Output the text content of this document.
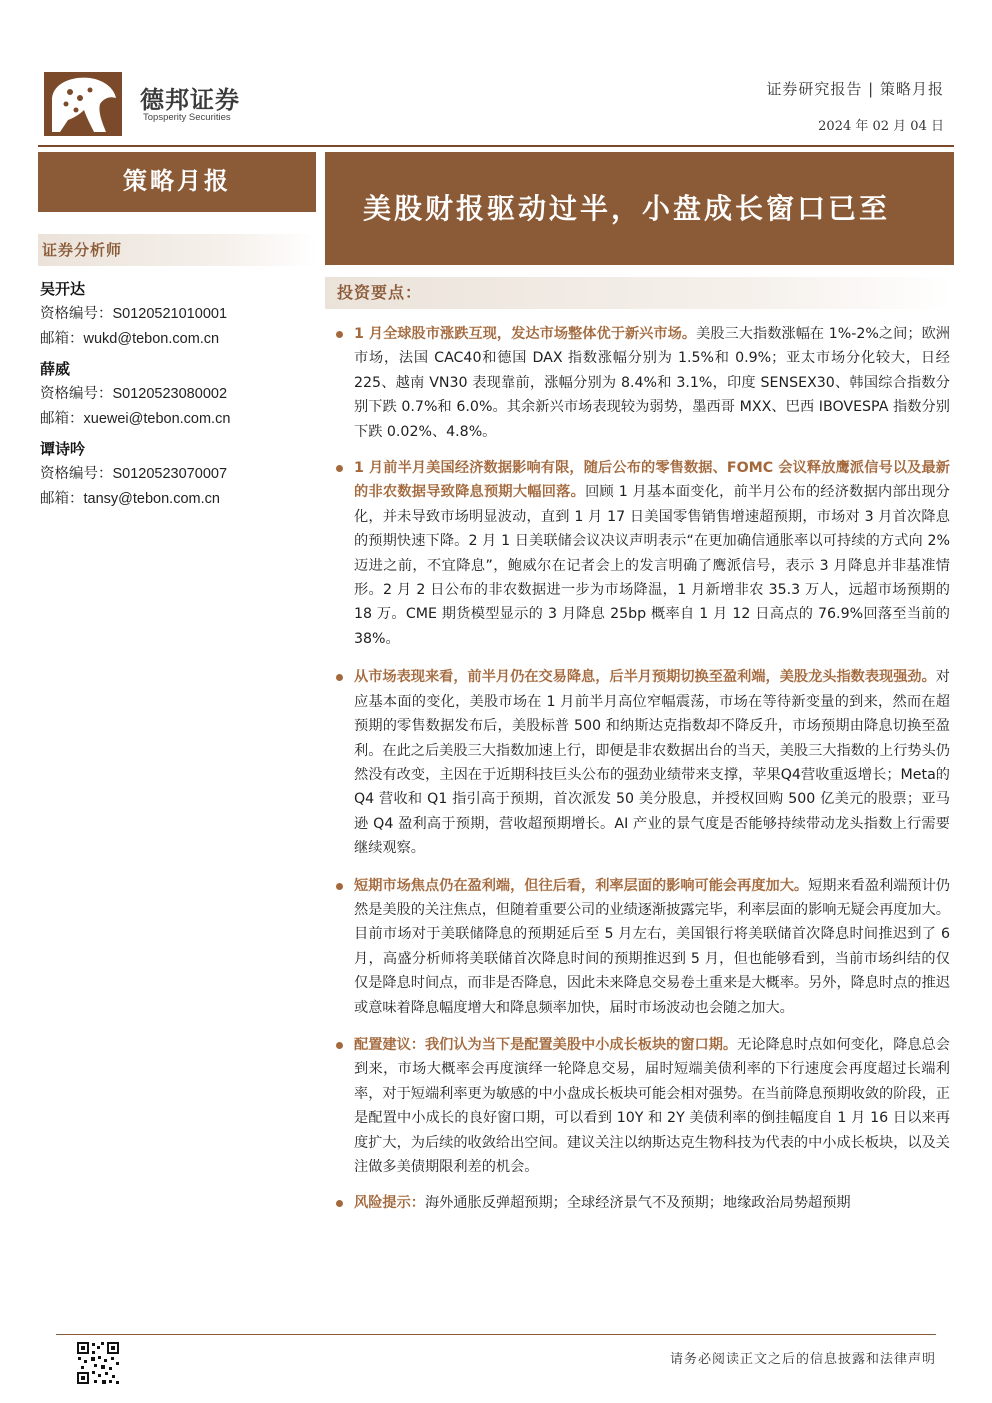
德邦证券
Topsperity Securities
证券研究报告 | 策略月报
2024 年 02 月 04 日
策略月报
美股财报驱动过半，小盘成长窗口已至
证券分析师
吴开达
资格编号：S0120521010001
邮箱：wukd@tebon.com.cn
薛威
资格编号：S0120523080002
邮箱：xuewei@tebon.com.cn
谭诗吟
资格编号：S0120523070007
邮箱：tansy@tebon.com.cn
投资要点：
1 月全球股市涨跌互现，发达市场整体优于新兴市场。美股三大指数涨幅在 1%-2%之间；欧洲市场，法国 CAC40和德国 DAX 指数涨幅分别为 1.5%和 0.9%；亚太市场分化较大，日经 225、越南 VN30 表现靠前，涨幅分别为 8.4%和 3.1%，印度 SENSEX30、韩国综合指数分别下跌 0.7%和 6.0%。其余新兴市场表现较为弱势，墨西哥 MXX、巴西 IBOVESPA 指数分别下跌 0.02%、4.8%。
1 月前半月美国经济数据影响有限，随后公布的零售数据、FOMC 会议释放鹰派信号以及最新的非农数据导致降息预期大幅回落。回顾 1 月基本面变化，前半月公布的经济数据内部出现分化，并未导致市场明显波动，直到 1 月 17 日美国零售销售增速超预期，市场对 3 月首次降息的预期快速下降。2 月 1 日美联储会议决议声明表示“在更加确信通胀率以可持续的方式向 2%迈进之前，不宜降息”，鲍威尔在记者会上的发言明确了鹰派信号，表示 3 月降息并非基准情形。2 月 2 日公布的非农数据进一步为市场降温，1 月新增非农 35.3 万人，远超市场预期的 18 万。CME 期货模型显示的 3 月降息 25bp 概率自 1 月 12 日高点的 76.9%回落至当前的 38%。
从市场表现来看，前半月仍在交易降息，后半月预期切换至盈利端，美股龙头指数表现强劲。对应基本面的变化，美股市场在 1 月前半月高位窄幅震荡，市场在等待新变量的到来，然而在超预期的零售数据发布后，美股标普 500 和纳斯达克指数却不降反升，市场预期由降息切换至盈利。在此之后美股三大指数加速上行，即便是非农数据出台的当天，美股三大指数的上行势头仍然没有改变，主因在于近期科技巨头公布的强劲业绩带来支撑，苹果Q4营收重返增长；Meta的 Q4 营收和 Q1 指引高于预期，首次派发 50 美分股息，并授权回购 500 亿美元的股票；亚马逊 Q4 盈利高于预期，营收超预期增长。AI 产业的景气度是否能够持续带动龙头指数上行需要继续观察。
短期市场焦点仍在盈利端，但往后看，利率层面的影响可能会再度加大。短期来看盈利端预计仍然是美股的关注焦点，但随着重要公司的业绩逐渐披露完毕，利率层面的影响无疑会再度加大。目前市场对于美联储降息的预期延后至 5 月左右，美国银行将美联储首次降息时间推迟到了 6 月，高盛分析师将美联储首次降息时间的预期推迟到 5 月，但也能够看到，当前市场纠结的仅仅是降息时间点，而非是否降息，因此未来降息交易卷土重来是大概率。另外，降息时点的推迟或意味着降息幅度增大和降息频率加快，届时市场波动也会随之加大。
配置建议：我们认为当下是配置美股中小成长板块的窗口期。无论降息时点如何变化，降息总会到来，市场大概率会再度演绎一轮降息交易，届时短端美债利率的下行速度会再度超过长端利率，对于短端利率更为敏感的中小盘成长板块可能会相对强势。在当前降息预期收敛的阶段，正是配置中小成长的良好窗口期，可以看到 10Y 和 2Y 美债利率的倒挂幅度自 1 月 16 日以来再度扩大，为后续的收敛给出空间。建议关注以纳斯达克生物科技为代表的中小成长板块，以及关注做多美债期限利差的机会。
风险提示：海外通胀反弹超预期；全球经济景气不及预期；地缘政治局势超预期
请务必阅读正文之后的信息披露和法律声明
